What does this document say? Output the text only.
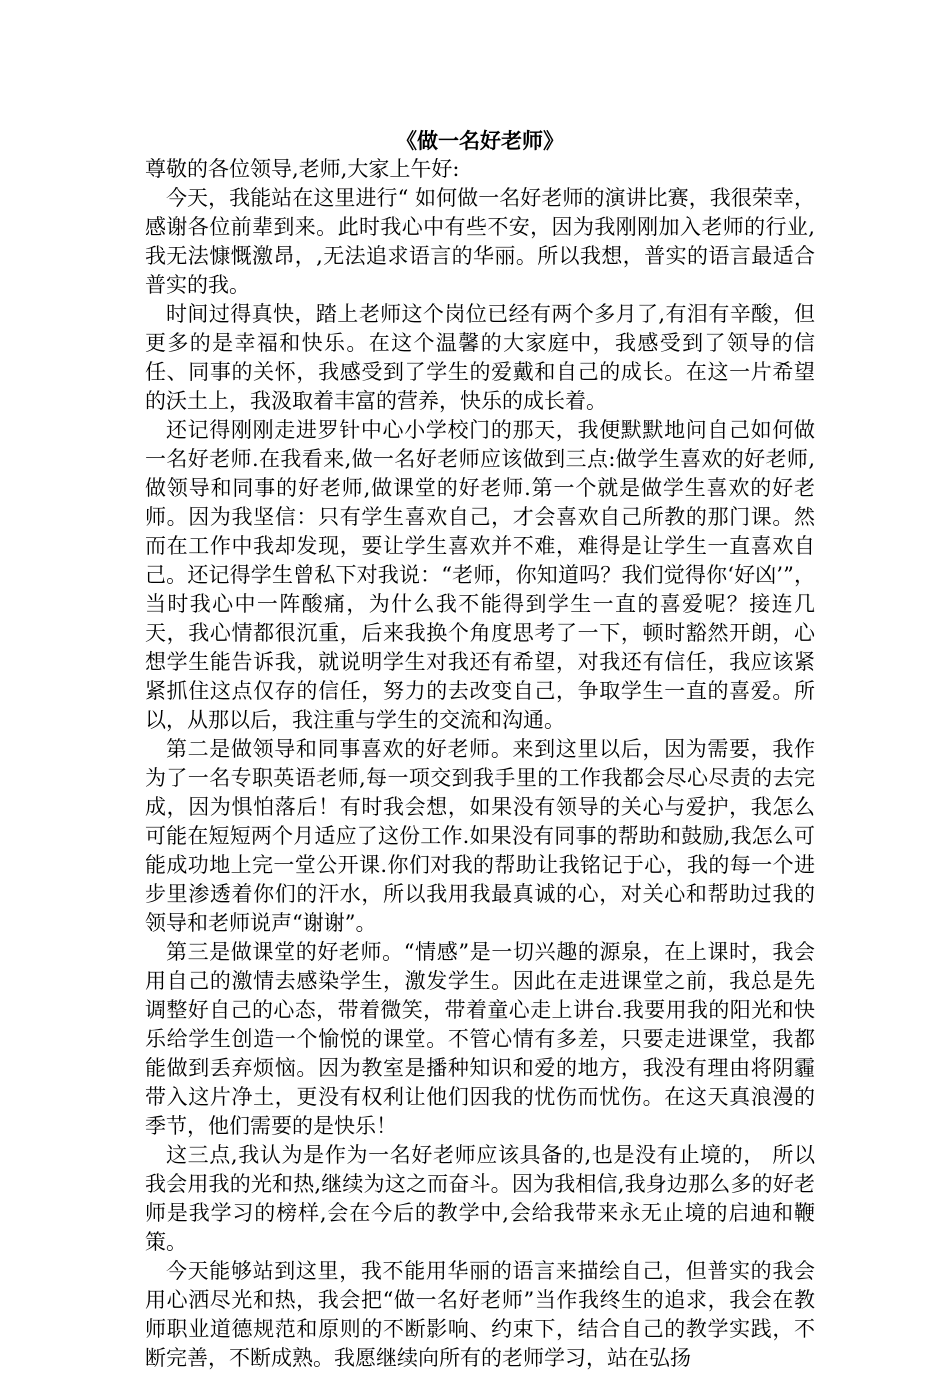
《做一名好老师》

尊敬的各位领导,老师,大家上午好:

今天，我能站在这里进行“ 如何做一名好老师的演讲比赛，我很荣幸，感谢各位前辈到来。此时我心中有些不安，因为我刚刚加入老师的行业,我无法慷慨激昂，,无法追求语言的华丽。所以我想，普实的语言最适合普实的我。

时间过得真快，踏上老师这个岗位已经有两个多月了,有泪有辛酸，但更多的是幸福和快乐。在这个温馨的大家庭中，我感受到了领导的信任、同事的关怀，我感受到了学生的爱戴和自己的成长。在这一片希望的沃土上，我汲取着丰富的营养，快乐的成长着。

还记得刚刚走进罗针中心小学校门的那天，我便默默地问自己如何做一名好老师.在我看来,做一名好老师应该做到三点:做学生喜欢的好老师,做领导和同事的好老师,做课堂的好老师.第一个就是做学生喜欢的好老师。因为我坚信：只有学生喜欢自己，才会喜欢自己所教的那门课。然而在工作中我却发现，要让学生喜欢并不难，难得是让学生一直喜欢自己。还记得学生曾私下对我说：“老师，你知道吗？我们觉得你‘好凶’”，当时我心中一阵酸痛，为什么我不能得到学生一直的喜爱呢？接连几天，我心情都很沉重，后来我换个角度思考了一下，顿时豁然开朗，心想学生能告诉我，就说明学生对我还有希望，对我还有信任，我应该紧紧抓住这点仅存的信任，努力的去改变自己，争取学生一直的喜爱。所以，从那以后，我注重与学生的交流和沟通。

第二是做领导和同事喜欢的好老师。来到这里以后，因为需要，我作为了一名专职英语老师,每一项交到我手里的工作我都会尽心尽责的去完成，因为惧怕落后！有时我会想，如果没有领导的关心与爱护，我怎么可能在短短两个月适应了这份工作.如果没有同事的帮助和鼓励,我怎么可能成功地上完一堂公开课.你们对我的帮助让我铭记于心，我的每一个进步里渗透着你们的汗水，所以我用我最真诚的心，对关心和帮助过我的领导和老师说声“谢谢”。

第三是做课堂的好老师。“情感”是一切兴趣的源泉，在上课时，我会用自己的激情去感染学生，激发学生。因此在走进课堂之前，我总是先调整好自己的心态，带着微笑，带着童心走上讲台.我要用我的阳光和快乐给学生创造一个愉悦的课堂。不管心情有多差，只要走进课堂，我都能做到丢弃烦恼。因为教室是播种知识和爱的地方，我没有理由将阴霾带入这片净土，更没有权利让他们因我的忧伤而忧伤。在这天真浪漫的季节，他们需要的是快乐！

这三点,我认为是作为一名好老师应该具备的,也是没有止境的， 所以我会用我的光和热,继续为这之而奋斗。因为我相信,我身边那么多的好老师是我学习的榜样,会在今后的教学中,会给我带来永无止境的启迪和鞭策。

今天能够站到这里，我不能用华丽的语言来描绘自己，但普实的我会用心洒尽光和热，我会把“做一名好老师”当作我终生的追求，我会在教师职业道德规范和原则的不断影响、约束下，结合自己的教学实践，不断完善，不断成熟。我愿继续向所有的老师学习，站在弘扬
